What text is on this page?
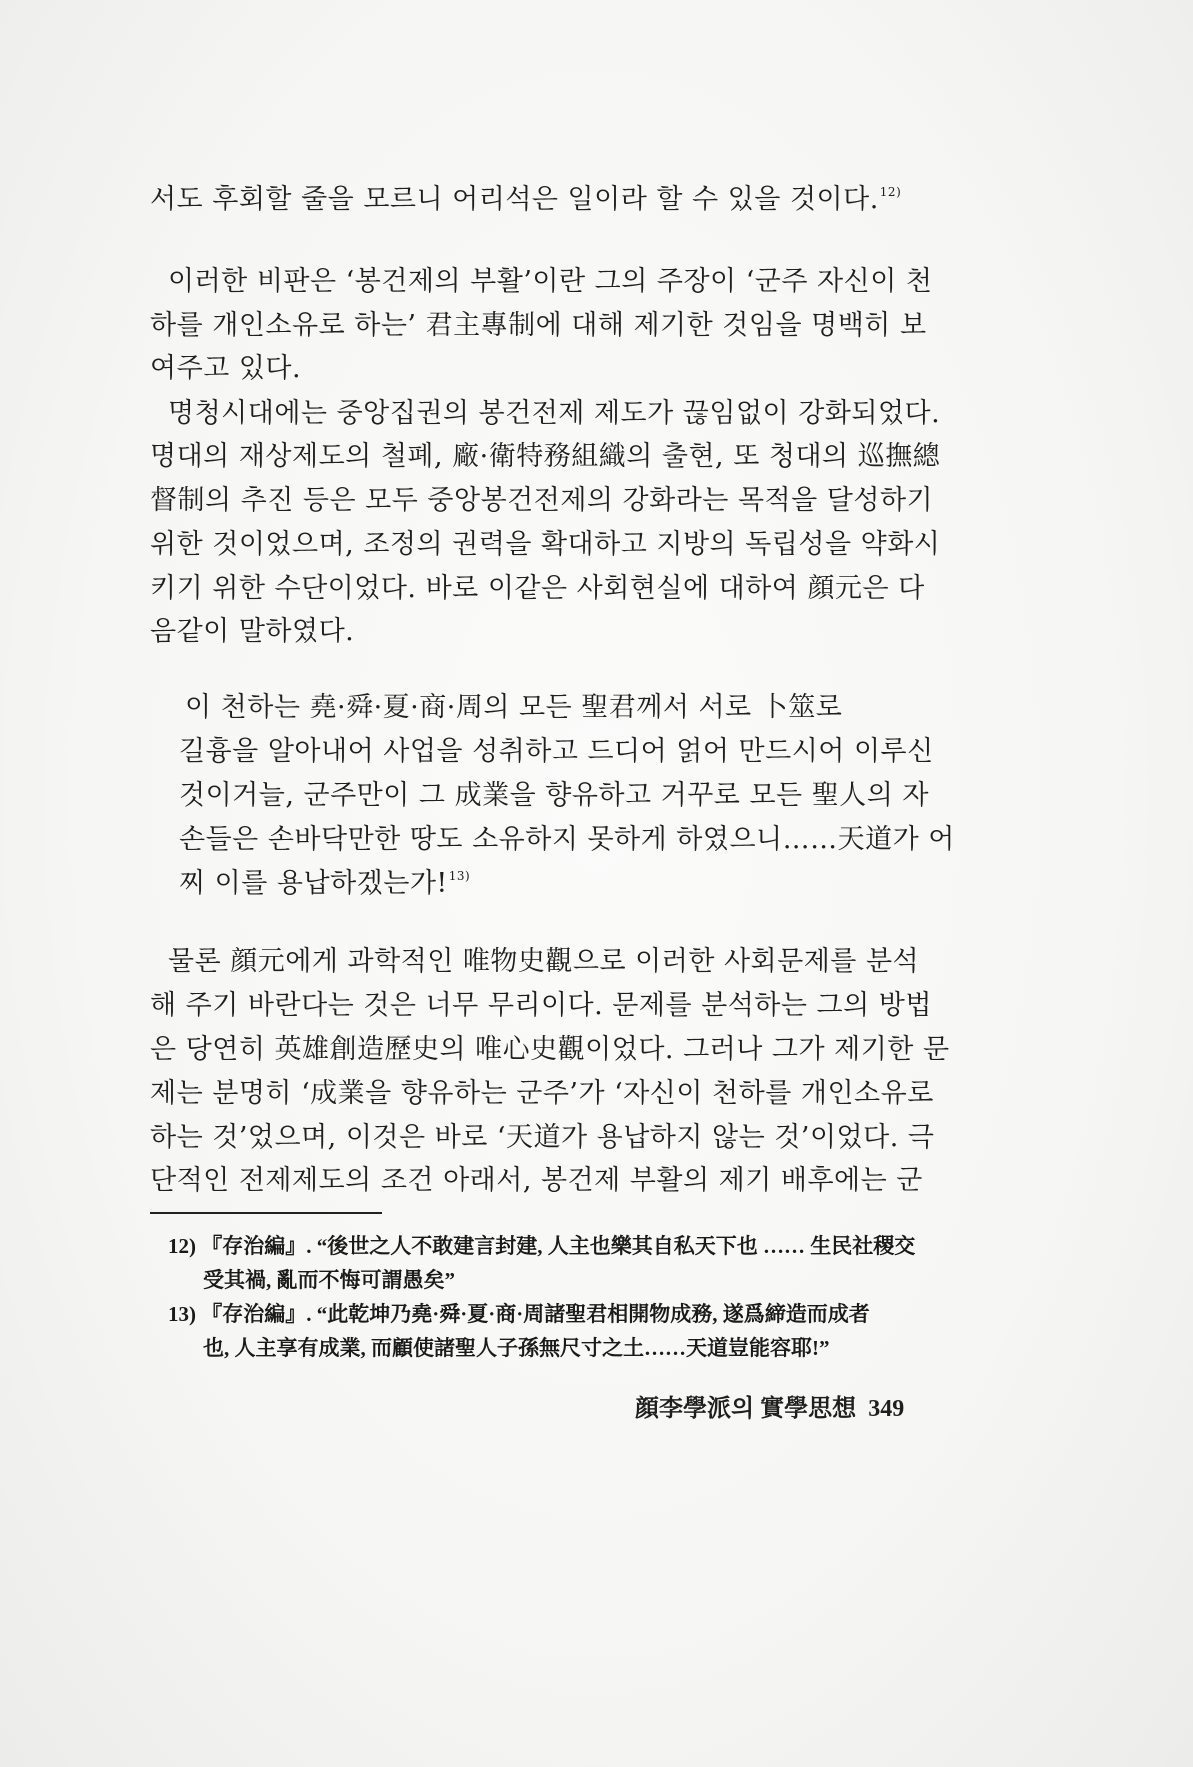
서도 후회할 줄을 모르니 어리석은 일이라 할 수 있을 것이다.$^{12)}$
이러한 비판은 ‘봉건제의 부활’이란 그의 주장이 ‘군주 자신이 천
하를 개인소유로 하는’ 君主專制에 대해 제기한 것임을 명백히 보
여주고 있다.
명청시대에는 중앙집권의 봉건전제 제도가 끊임없이 강화되었다.
명대의 재상제도의 철폐, 廠·衛特務組織의 출현, 또 청대의 巡撫總
督制의 추진 등은 모두 중앙봉건전제의 강화라는 목적을 달성하기
위한 것이었으며, 조정의 권력을 확대하고 지방의 독립성을 약화시
키기 위한 수단이었다. 바로 이같은 사회현실에 대하여 顔元은 다
음같이 말하였다.
이 천하는 堯·舜·夏·商·周의 모든 聖君께서 서로 卜筮로
길흉을 알아내어 사업을 성취하고 드디어 얽어 만드시어 이루신
것이거늘, 군주만이 그 成業을 향유하고 거꾸로 모든 聖人의 자
손들은 손바닥만한 땅도 소유하지 못하게 하였으니……天道가 어
찌 이를 용납하겠는가!$^{13)}$
물론 顔元에게 과학적인 唯物史觀으로 이러한 사회문제를 분석
해 주기 바란다는 것은 너무 무리이다. 문제를 분석하는 그의 방법
은 당연히 英雄創造歷史의 唯心史觀이었다. 그러나 그가 제기한 문
제는 분명히 ‘成業을 향유하는 군주’가 ‘자신이 천하를 개인소유로
하는 것’었으며, 이것은 바로 ‘天道가 용납하지 않는 것’이었다. 극
단적인 전제제도의 조건 아래서, 봉건제 부활의 제기 배후에는 군
12) 『存治編』. “後世之人不敢建言封建, 人主也樂其自私天下也 …… 生民社稷交
受其禍, 亂而不悔可謂愚矣”
13) 『存治編』. “此乾坤乃堯·舜·夏·商·周諸聖君相開物成務, 遂爲締造而成者
也, 人主享有成業, 而顧使諸聖人子孫無尺寸之土……天道豈能容耶!”
顔李學派의 實學思想 349
